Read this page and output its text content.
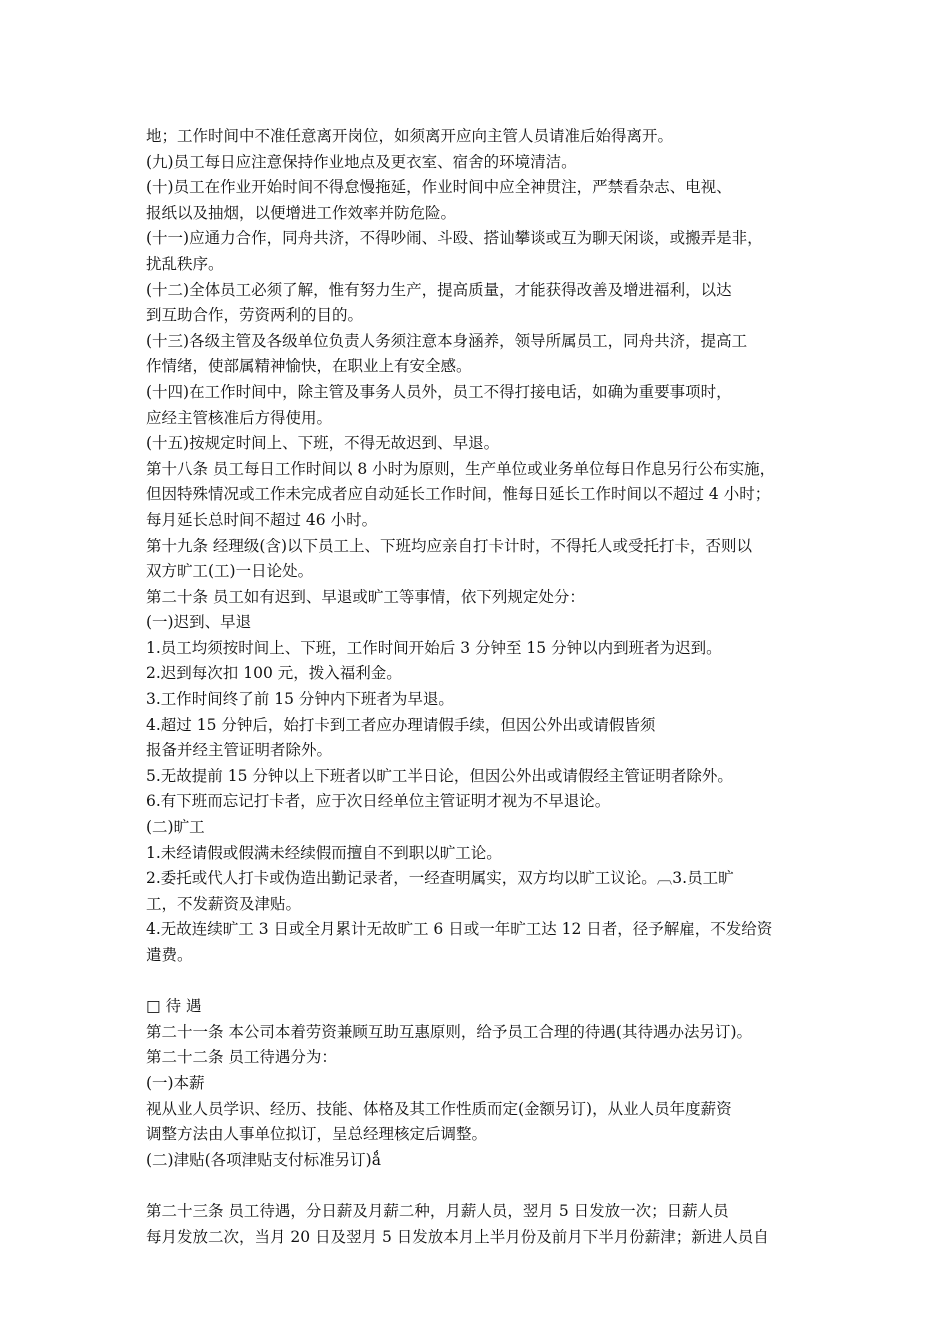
地；工作时间中不准任意离开岗位，如须离开应向主管人员请准后始得离开。
(九)员工每日应注意保持作业地点及更衣室、宿舍的环境清洁。
(十)员工在作业开始时间不得怠慢拖延，作业时间中应全神贯注，严禁看杂志、电视、
报纸以及抽烟，以便增进工作效率并防危险。
(十一)应通力合作，同舟共济，不得吵闹、斗殴、搭讪攀谈或互为聊天闲谈，或搬弄是非，
扰乱秩序。
(十二)全体员工必须了解，惟有努力生产，提高质量，才能获得改善及增进福利，以达
到互助合作，劳资两利的目的。
(十三)各级主管及各级单位负责人务须注意本身涵养，领导所属员工，同舟共济，提高工
作情绪，使部属精神愉快，在职业上有安全感。
(十四)在工作时间中，除主管及事务人员外，员工不得打接电话，如确为重要事项时，
应经主管核准后方得使用。
(十五)按规定时间上、下班，不得无故迟到、早退。
第十八条 员工每日工作时间以 8 小时为原则，生产单位或业务单位每日作息另行公布实施，
但因特殊情况或工作未完成者应自动延长工作时间，惟每日延长工作时间以不超过 4 小时；
每月延长总时间不超过 46 小时。
第十九条 经理级(含)以下员工上、下班均应亲自打卡计时，不得托人或受托打卡，否则以
双方旷工(工)一日论处。
第二十条 员工如有迟到、早退或旷工等事情，依下列规定处分：
(一)迟到、早退
1.员工均须按时间上、下班，工作时间开始后 3 分钟至 15 分钟以内到班者为迟到。
2.迟到每次扣 100 元，拨入福利金。
3.工作时间终了前 15 分钟内下班者为早退。
4.超过 15 分钟后，始打卡到工者应办理请假手续，但因公外出或请假皆须
报备并经主管证明者除外。
5.无故提前 15 分钟以上下班者以旷工半日论，但因公外出或请假经主管证明者除外。
6.有下班而忘记打卡者，应于次日经单位主管证明才视为不早退论。
(二)旷工
1.未经请假或假满未经续假而擅自不到职以旷工论。
2.委托或代人打卡或伪造出勤记录者，一经查明属实，双方均以旷工议论。︹3.员工旷
工，不发薪资及津贴。
4.无故连续旷工 3 日或全月累计无故旷工 6 日或一年旷工达 12 日者，径予解雇，不发给资
遣费。
□ 待 遇
第二十一条 本公司本着劳资兼顾互助互惠原则，给予员工合理的待遇(其待遇办法另订)。
第二十二条 员工待遇分为：
(一)本薪
视从业人员学识、经历、技能、体格及其工作性质而定(金额另订)，从业人员年度薪资
调整方法由人事单位拟订，呈总经理核定后调整。
(二)津贴(各项津贴支付标准另订)ǻ
第二十三条 员工待遇，分日薪及月薪二种，月薪人员，翌月 5 日发放一次；日薪人员
每月发放二次，当月 20 日及翌月 5 日发放本月上半月份及前月下半月份薪津；新进人员自
